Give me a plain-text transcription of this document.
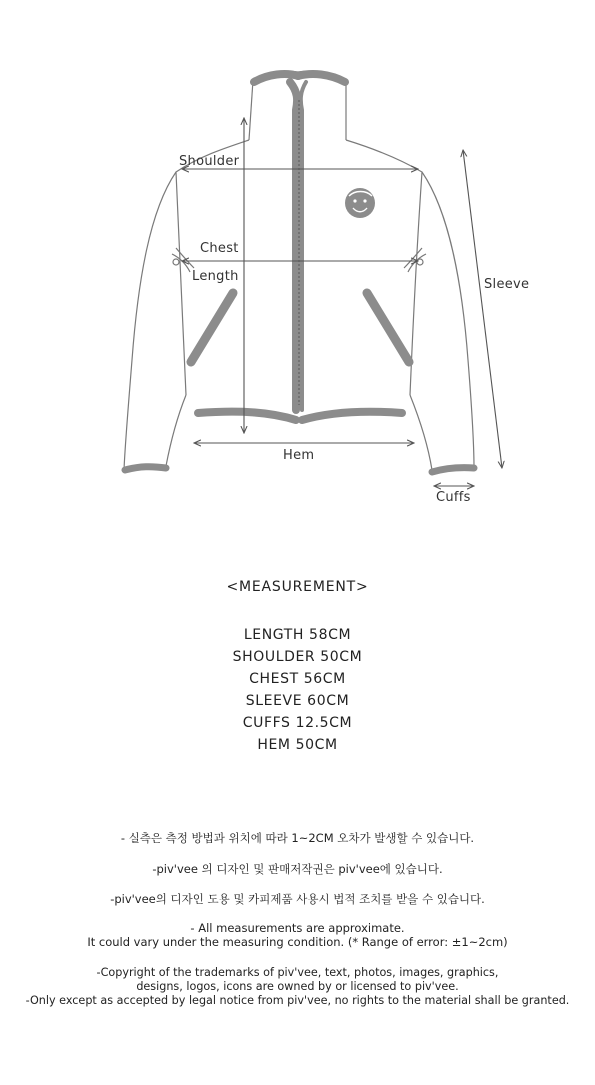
Shoulder
Chest
Length
Sleeve
Hem
Cuffs
<MEASUREMENT>
LENGTH 58CM
SHOULDER 50CM
CHEST 56CM
SLEEVE 60CM
CUFFS 12.5CM
HEM 50CM
- 실측은 측정 방법과 위치에 따라 1~2CM 오차가 발생할 수 있습니다.
-piv'vee 의 디자인 및 판매저작권은 piv'vee에 있습니다.
-piv'vee의 디자인 도용 및 카피제품 사용시 법적 조치를 받을 수 있습니다.

- All measurements are approximate.

It could vary under the measuring condition. (* Range of error: ±1~2cm)

-Copyright of the trademarks of piv'vee, text, photos, images, graphics,

designs, logos, icons are owned by or licensed to piv'vee.

-Only except as accepted by legal notice from piv'vee, no rights to the material shall be granted.
